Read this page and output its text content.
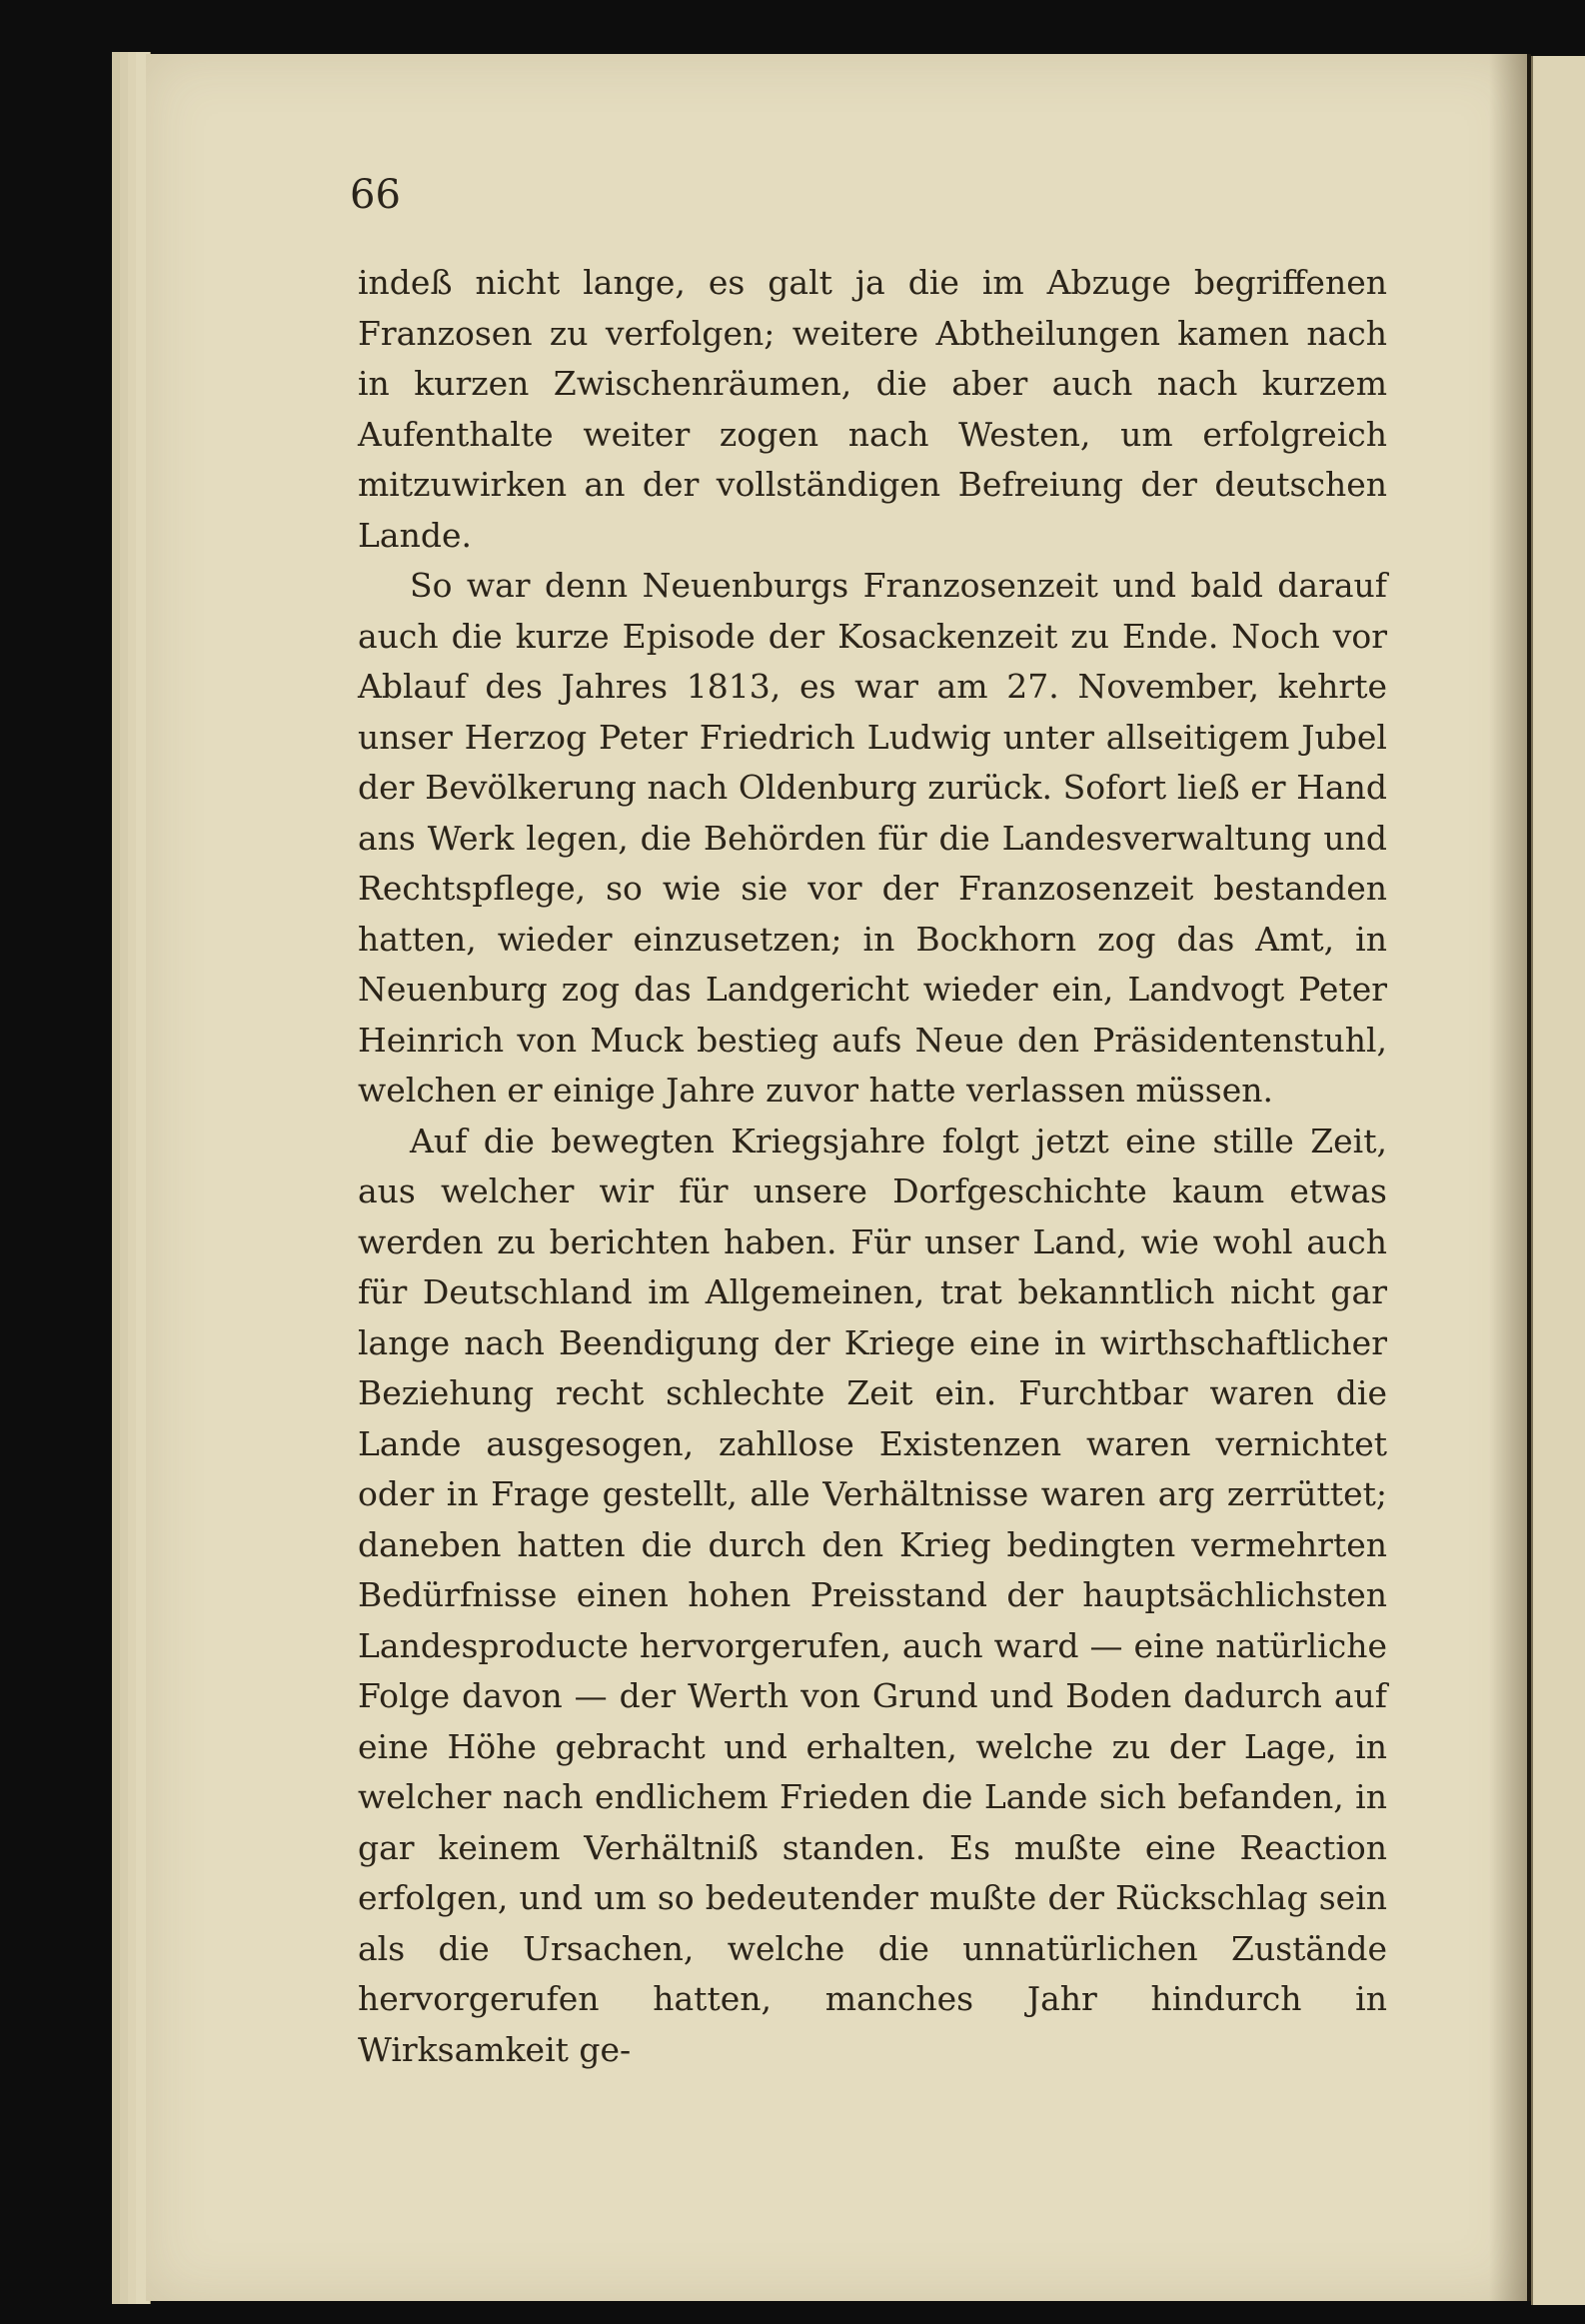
66

indeß nicht lange, es galt ja die im Abzuge begriffenen Franzosen zu verfolgen; weitere Abtheilungen kamen nach in kurzen Zwischenräumen, die aber auch nach kurzem Aufenthalte weiter zogen nach Westen, um erfolgreich mitzuwirken an der vollständigen Befreiung der deutschen Lande.

So war denn Neuenburgs Franzosenzeit und bald darauf auch die kurze Episode der Kosackenzeit zu Ende. Noch vor Ablauf des Jahres 1813, es war am 27. November, kehrte unser Herzog Peter Friedrich Ludwig unter allseitigem Jubel der Bevölkerung nach Oldenburg zurück. Sofort ließ er Hand ans Werk legen, die Behörden für die Landesverwaltung und Rechtspflege, so wie sie vor der Franzosenzeit bestanden hatten, wieder einzusetzen; in Bockhorn zog das Amt, in Neuenburg zog das Landgericht wieder ein, Landvogt Peter Heinrich von Muck bestieg aufs Neue den Präsidentenstuhl, welchen er einige Jahre zuvor hatte verlassen müssen.

Auf die bewegten Kriegsjahre folgt jetzt eine stille Zeit, aus welcher wir für unsere Dorfgeschichte kaum etwas werden zu berichten haben. Für unser Land, wie wohl auch für Deutschland im Allgemeinen, trat bekanntlich nicht gar lange nach Beendigung der Kriege eine in wirthschaftlicher Beziehung recht schlechte Zeit ein. Furchtbar waren die Lande ausgesogen, zahllose Existenzen waren vernichtet oder in Frage gestellt, alle Verhältnisse waren arg zerrüttet; daneben hatten die durch den Krieg bedingten vermehrten Bedürfnisse einen hohen Preisstand der hauptsächlichsten Landesproducte hervorgerufen, auch ward — eine natürliche Folge davon — der Werth von Grund und Boden dadurch auf eine Höhe gebracht und erhalten, welche zu der Lage, in welcher nach endlichem Frieden die Lande sich befanden, in gar keinem Verhältniß standen. Es mußte eine Reaction erfolgen, und um so bedeutender mußte der Rückschlag sein als die Ursachen, welche die unnatürlichen Zustände hervorgerufen hatten, manches Jahr hindurch in Wirksamkeit ge-
